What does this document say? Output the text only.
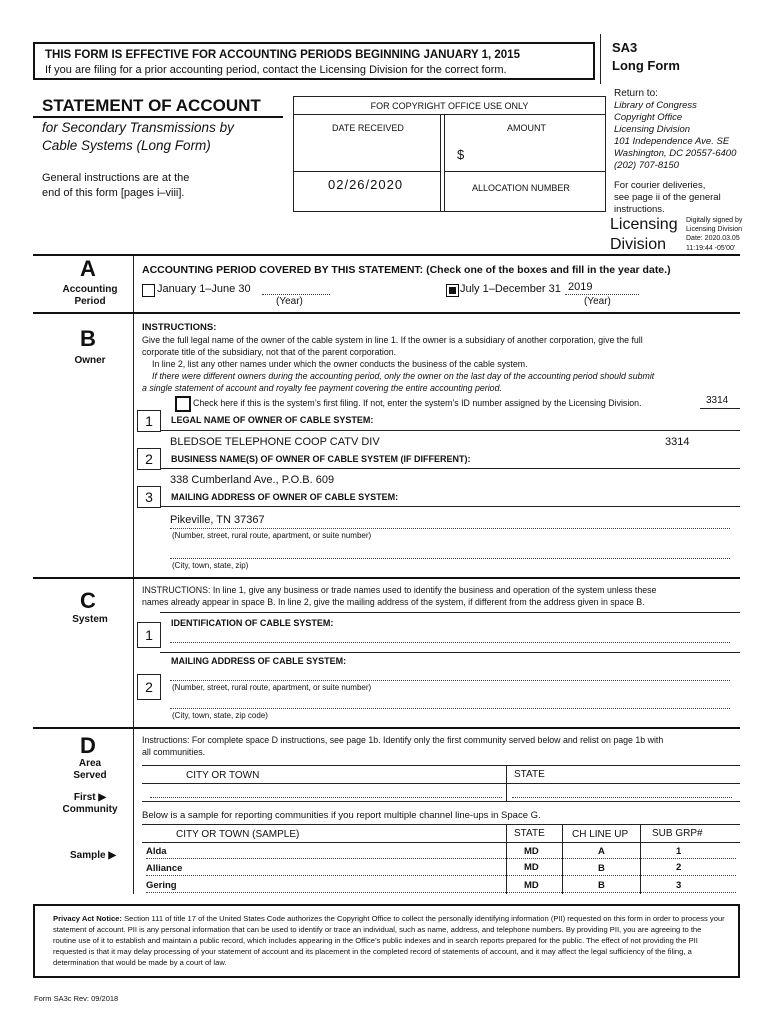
THIS FORM IS EFFECTIVE FOR ACCOUNTING PERIODS BEGINNING JANUARY 1, 2015
If you are filing for a prior accounting period, contact the Licensing Division for the correct form.
SA3
Long Form
STATEMENT OF ACCOUNT
for Secondary Transmissions by
Cable Systems (Long Form)
General instructions are at the
end of this form [pages i–viii].
FOR COPYRIGHT OFFICE USE ONLY
DATE RECEIVED	AMOUNT
$
02/26/2020	ALLOCATION NUMBER
Return to:
Library of Congress
Copyright Office
Licensing Division
101 Independence Ave. SE
Washington, DC 20557-6400
(202) 707-8150
For courier deliveries,
see page ii of the general
instructions.
Licensing
Division
Digitally signed by
Licensing Division
Date: 2020.03.05
11:19:44 -05'00'
A
Accounting
Period
ACCOUNTING PERIOD COVERED BY THIS STATEMENT: (Check one of the boxes and fill in the year date.)
January 1–June 30
(Year)
July 1–December 31 2019
(Year)
B
Owner
INSTRUCTIONS:
Give the full legal name of the owner of the cable system in line 1. If the owner is a subsidiary of another corporation, give the full
corporate title of the subsidiary, not that of the parent corporation.
In line 2, list any other names under which the owner conducts the business of the cable system.
If there were different owners during the accounting period, only the owner on the last day of the accounting period should submit
a single statement of account and royalty fee payment covering the entire accounting period.
Check here if this is the system’s first filing. If not, enter the system’s ID number assigned by the Licensing Division.	3314
1	LEGAL NAME OF OWNER OF CABLE SYSTEM:
BLEDSOE TELEPHONE COOP CATV DIV	3314
2	BUSINESS NAME(S) OF OWNER OF CABLE SYSTEM (IF DIFFERENT):
338 Cumberland Ave., P.O.B. 609
3	MAILING ADDRESS OF OWNER OF CABLE SYSTEM:
Pikeville, TN 37367
(Number, street, rural route, apartment, or suite number)
(City, town, state, zip)
C
System
INSTRUCTIONS: In line 1, give any business or trade names used to identify the business and operation of the system unless these
names already appear in space B. In line 2, give the mailing address of the system, if different from the address given in space B.
1
IDENTIFICATION OF CABLE SYSTEM:
MAILING ADDRESS OF CABLE SYSTEM:
2	(Number, street, rural route, apartment, or suite number)
(City, town, state, zip code)
D
Area
Served
First ▶
Community
Instructions: For complete space D instructions, see page 1b. Identify only the first community served below and relist on page 1b with
all communities.
CITY OR TOWN	STATE
Below is a sample for reporting communities if you report multiple channel line-ups in Space G.
Sample ▶
CITY OR TOWN (SAMPLE)	STATE	CH LINE UP SUB GRP#
Alda	MD	A	1
Alliance	MD	B	2
Gering	MD	B	3
Privacy Act Notice: Section 111 of title 17 of the United States Code authorizes the Copyright Office to collect the personally identifying information (PII) requested on this form in order to process your statement of account. PII is any personal information that can be used to identify or trace an individual, such as name, address, and telephone numbers. By providing PII, you are agreeing to the routine use of it to establish and maintain a public record, which includes appearing in the Office’s public indexes and in search reports prepared for the public. The effect of not providing the PII requested is that it may delay processing of your statement of account and its placement in the completed record of statements of account, and it may affect the legal sufficiency of the filing, a determination that would be made by a court of law.
Form SA3c Rev: 09/2018
